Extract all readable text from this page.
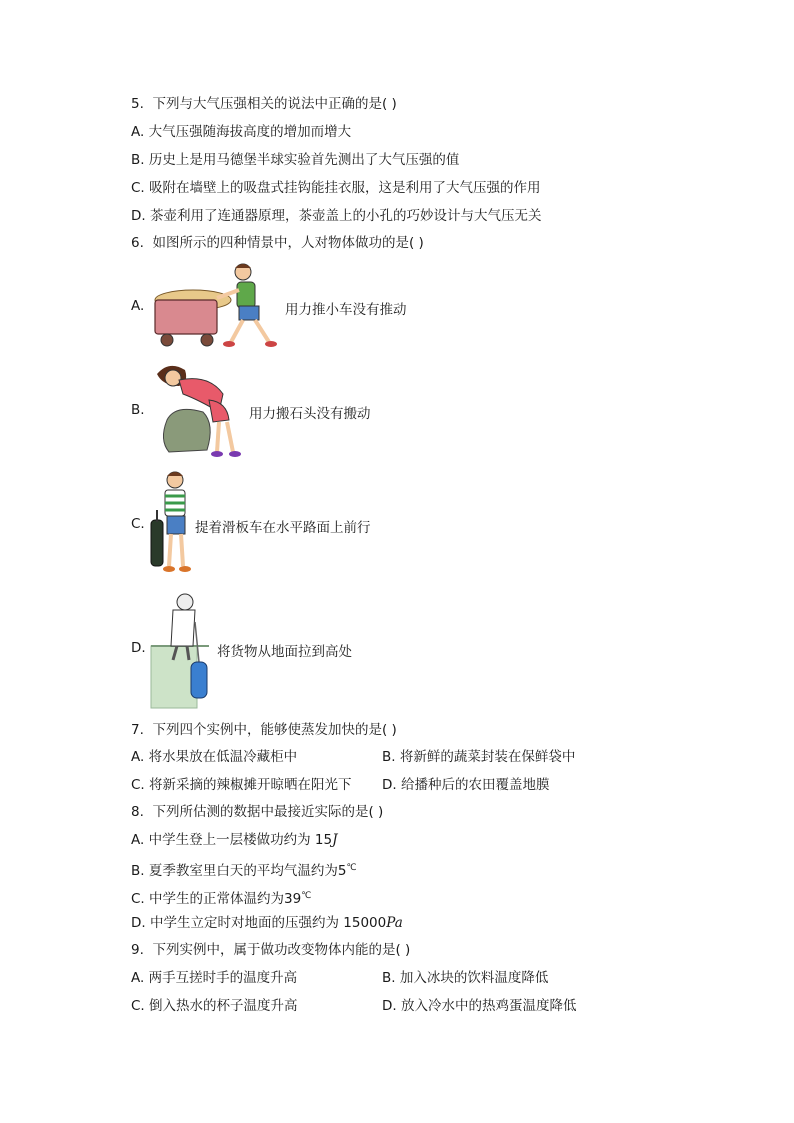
5. 下列与大气压强相关的说法中正确的是( )
A. 大气压强随海拔高度的增加而增大
B. 历史上是用马德堡半球实验首先测出了大气压强的值
C. 吸附在墙壁上的吸盘式挂钩能挂衣服，这是利用了大气压强的作用
D. 茶壶利用了连通器原理，茶壶盖上的小孔的巧妙设计与大气压无关
6. 如图所示的四种情景中，人对物体做功的是( )
A.	用力推小车没有推动
B.	用力搬石头没有搬动
C.	提着滑板车在水平路面上前行
D.	将货物从地面拉到高处
7. 下列四个实例中，能够使蒸发加快的是( )
A. 将水果放在低温冷藏柜中	B. 将新鲜的蔬菜封装在保鲜袋中
C. 将新采摘的辣椒摊开晾晒在阳光下 D. 给播种后的农田覆盖地膜
8. 下列所估测的数据中最接近实际的是( )
A. 中学生登上一层楼做功约为 15J
B. 夏季教室里白天的平均气温约为5℃
C. 中学生的正常体温约为39℃
D. 中学生立定时对地面的压强约为 15000Pa
9. 下列实例中，属于做功改变物体内能的是( )
A. 两手互搓时手的温度升高	B. 加入冰块的饮料温度降低
C. 倒入热水的杯子温度升高	D. 放入冷水中的热鸡蛋温度降低
